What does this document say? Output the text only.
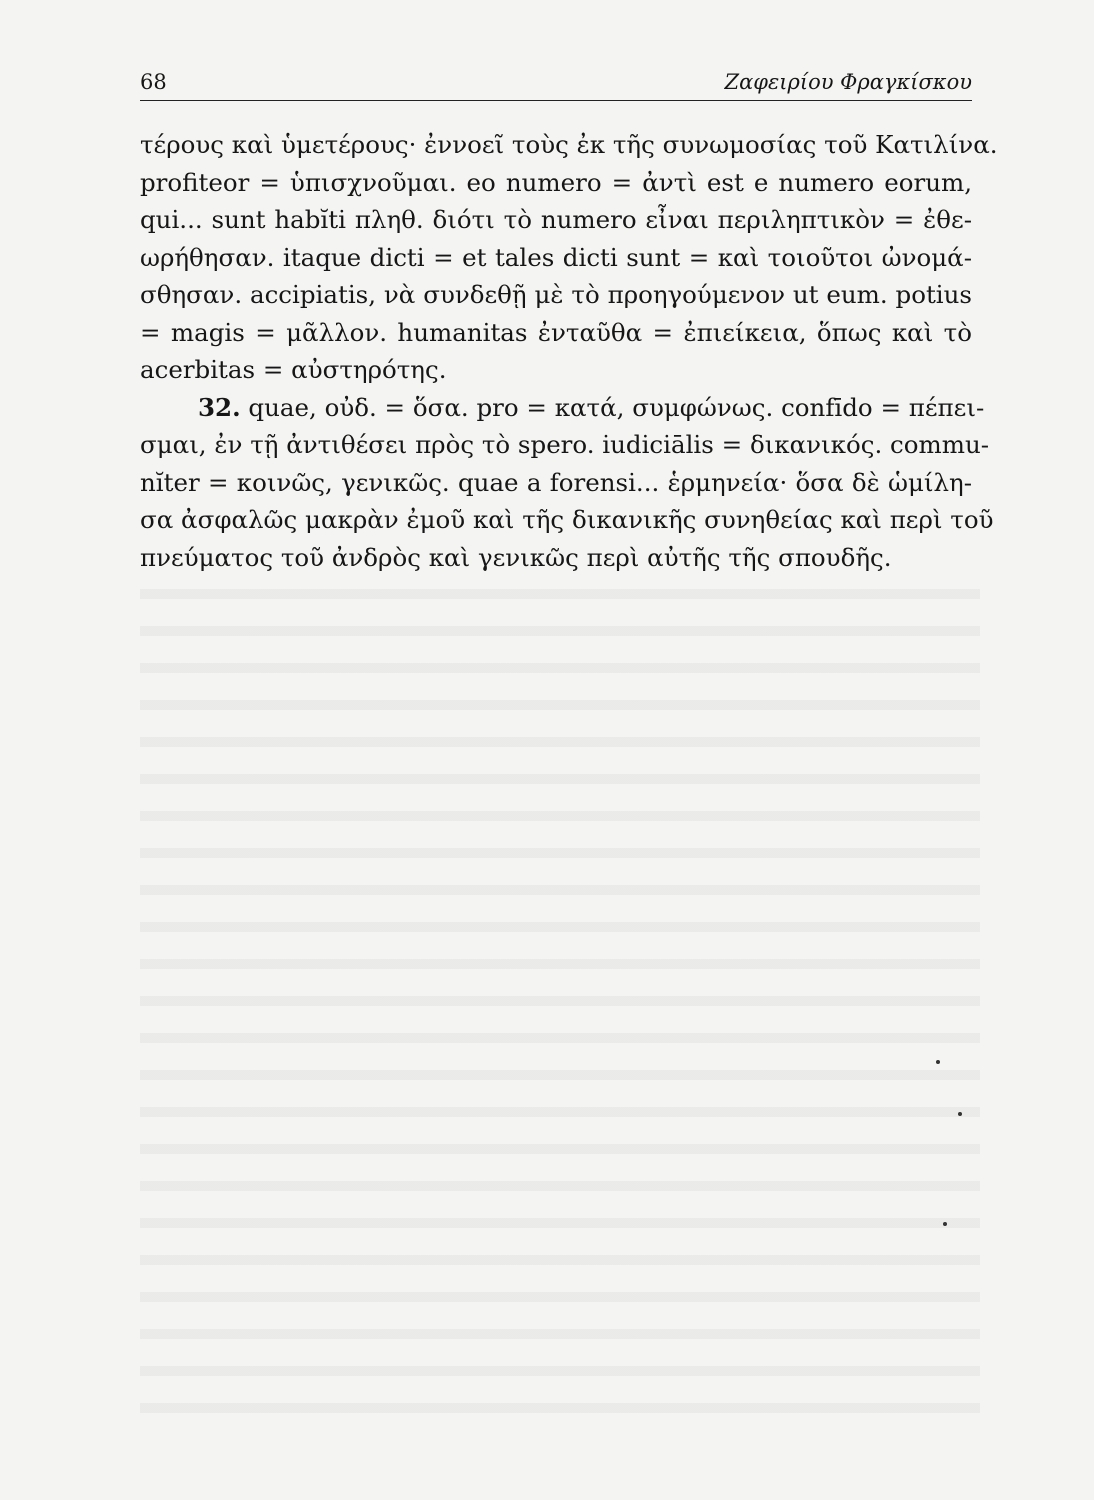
68	Ζαφειρίου Φραγκίσκου
τέρους καὶ ὑμετέρους· ἐννοεῖ τοὺς ἐκ τῆς συνωμοσίας τοῦ Κατιλίνα.
profiteor = ὑπισχνοῦμαι. eo numero = ἀντὶ est e numero eorum,
qui... sunt habĭti πληθ. διότι τὸ numero εἶναι περιληπτικὸν = ἐθε-
ωρήθησαν. itaque dicti = et tales dicti sunt = καὶ τοιοῦτοι ὠνομά-
σθησαν. accipiatis, νὰ συνδεθῇ μὲ τὸ προηγούμενον ut eum. potius
= magis = μᾶλλον. humanitas ἐνταῦθα = ἐπιείκεια, ὅπως καὶ τὸ
acerbitas = αὐστηρότης.
32. quae, οὐδ. = ὅσα. pro = κατά, συμφώνως. confīdo = πέπει-
σμαι, ἐν τῇ ἀντιθέσει πρὸς τὸ spero. iudiciālis = δικανικός. commu-
nĭter = κοινῶς, γενικῶς. quae a forensi... ἑρμηνεία· ὅσα δὲ ὡμίλη-
σα ἀσφαλῶς μακρὰν ἐμοῦ καὶ τῆς δικανικῆς συνηθείας καὶ περὶ τοῦ
πνεύματος τοῦ ἀνδρὸς καὶ γενικῶς περὶ αὐτῆς τῆς σπουδῆς.
